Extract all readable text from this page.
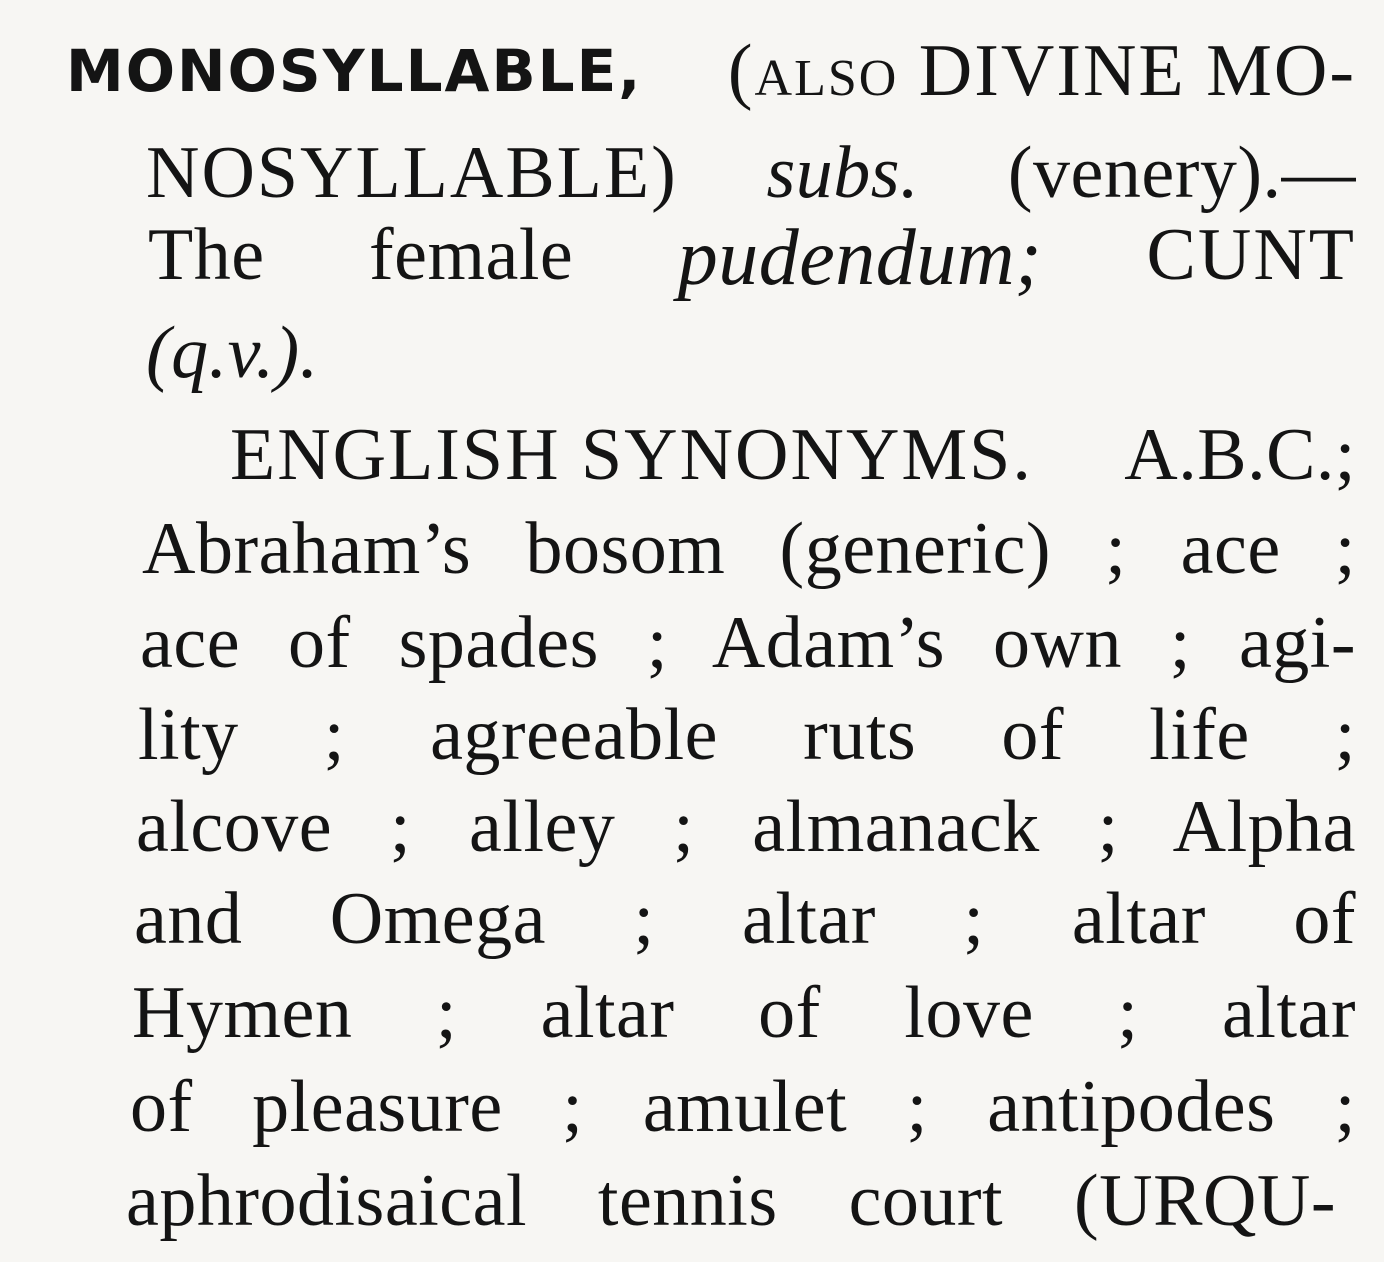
MONOSYLLABLE, (also DIVINE MO-
NOSYLLABLE) subs. (venery).—
The female pudendum; CUNT
(q.v.).
ENGLISH SYNONYMS. A.B.C.;
Abraham’s bosom (generic) ; ace ;
ace of spades ; Adam’s own ; agi-
lity ; agreeable ruts of life ;
alcove ; alley ; almanack ; Alpha
and Omega ; altar ; altar of
Hymen ; altar of love ; altar
of pleasure ; amulet ; antipodes ;
aphrodisaical tennis court (URQU-
